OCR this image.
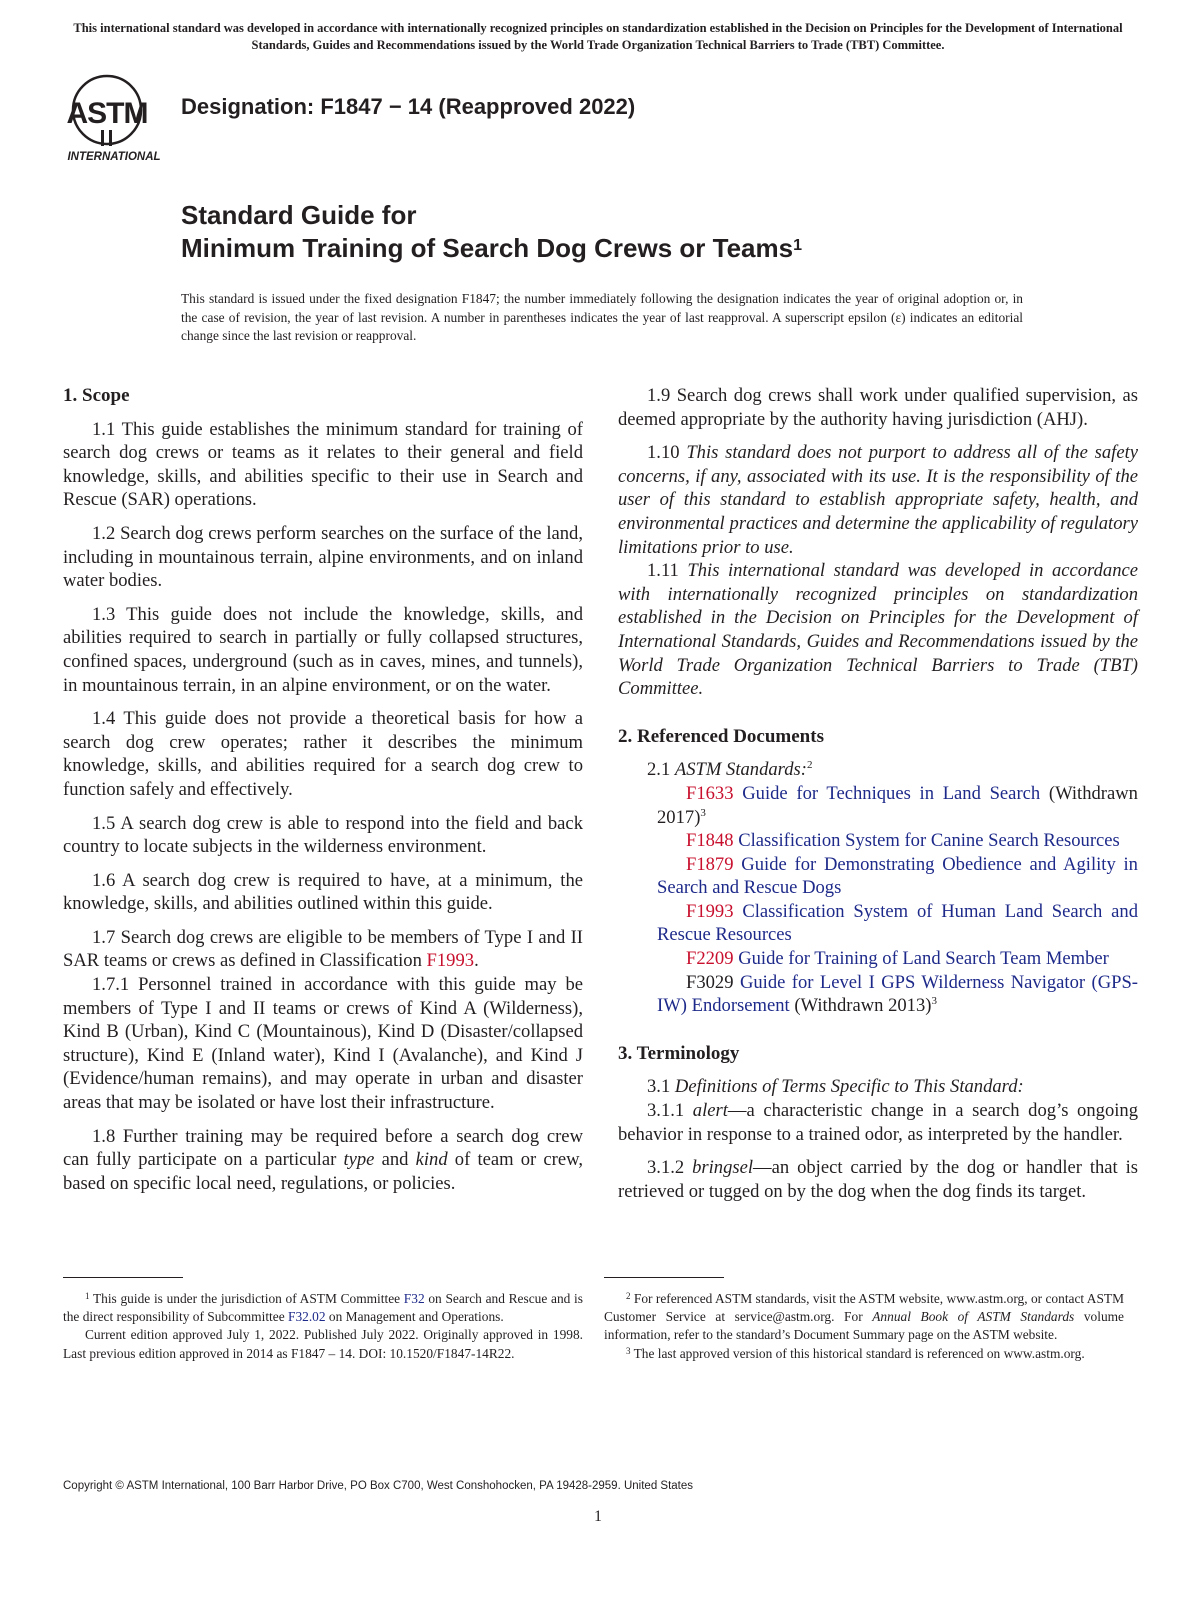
This international standard was developed in accordance with internationally recognized principles on standardization established in the Decision on Principles for the Development of International Standards, Guides and Recommendations issued by the World Trade Organization Technical Barriers to Trade (TBT) Committee.
ASTM
INTERNATIONAL
Designation: F1847 − 14 (Reapproved 2022)
Standard Guide for
Minimum Training of Search Dog Crews or Teams$^1$
This standard is issued under the fixed designation F1847; the number immediately following the designation indicates the year of original adoption or, in the case of revision, the year of last revision. A number in parentheses indicates the year of last reapproval. A superscript epsilon (ε) indicates an editorial change since the last revision or reapproval.
1. Scope

1.1 This guide establishes the minimum standard for training of search dog crews or teams as it relates to their general and field knowledge, skills, and abilities specific to their use in Search and Rescue (SAR) operations.

1.2 Search dog crews perform searches on the surface of the land, including in mountainous terrain, alpine environments, and on inland water bodies.

1.3 This guide does not include the knowledge, skills, and abilities required to search in partially or fully collapsed structures, confined spaces, underground (such as in caves, mines, and tunnels), in mountainous terrain, in an alpine environment, or on the water.

1.4 This guide does not provide a theoretical basis for how a search dog crew operates; rather it describes the minimum knowledge, skills, and abilities required for a search dog crew to function safely and effectively.

1.5 A search dog crew is able to respond into the field and back country to locate subjects in the wilderness environment.

1.6 A search dog crew is required to have, at a minimum, the knowledge, skills, and abilities outlined within this guide.

1.7 Search dog crews are eligible to be members of Type I and II SAR teams or crews as defined in Classification F1993.

1.7.1 Personnel trained in accordance with this guide may be members of Type I and II teams or crews of Kind A (Wilderness), Kind B (Urban), Kind C (Mountainous), Kind D (Disaster/collapsed structure), Kind E (Inland water), Kind I (Avalanche), and Kind J (Evidence/human remains), and may operate in urban and disaster areas that may be isolated or have lost their infrastructure.

1.8 Further training may be required before a search dog crew can fully participate on a particular type and kind of team or crew, based on specific local need, regulations, or policies.

1.9 Search dog crews shall work under qualified supervision, as deemed appropriate by the authority having jurisdiction (AHJ).

1.10 This standard does not purport to address all of the safety concerns, if any, associated with its use. It is the responsibility of the user of this standard to establish appropriate safety, health, and environmental practices and determine the applicability of regulatory limitations prior to use.

1.11 This international standard was developed in accordance with internationally recognized principles on standardization established in the Decision on Principles for the Development of International Standards, Guides and Recommendations issued by the World Trade Organization Technical Barriers to Trade (TBT) Committee.

2. Referenced Documents

2.1 ASTM Standards:$^2$

F1633 Guide for Techniques in Land Search (Withdrawn 2017)$^3$

F1848 Classification System for Canine Search Resources

F1879 Guide for Demonstrating Obedience and Agility in Search and Rescue Dogs

F1993 Classification System of Human Land Search and Rescue Resources

F2209 Guide for Training of Land Search Team Member

F3029 Guide for Level I GPS Wilderness Navigator (GPS-IW) Endorsement (Withdrawn 2013)$^3$

3. Terminology

3.1 Definitions of Terms Specific to This Standard:

3.1.1 alert—a characteristic change in a search dog’s ongoing behavior in response to a trained odor, as interpreted by the handler.

3.1.2 bringsel—an object carried by the dog or handler that is retrieved or tugged on by the dog when the dog finds its target.

$^1$ This guide is under the jurisdiction of ASTM Committee F32 on Search and Rescue and is the direct responsibility of Subcommittee F32.02 on Management and Operations.

Current edition approved July 1, 2022. Published July 2022. Originally approved in 1998. Last previous edition approved in 2014 as F1847 – 14. DOI: 10.1520/F1847-14R22.

$^2$ For referenced ASTM standards, visit the ASTM website, www.astm.org, or contact ASTM Customer Service at service@astm.org. For Annual Book of ASTM Standards volume information, refer to the standard’s Document Summary page on the ASTM website.

$^3$ The last approved version of this historical standard is referenced on www.astm.org.

Copyright © ASTM International, 100 Barr Harbor Drive, PO Box C700, West Conshohocken, PA 19428-2959. United States
1
